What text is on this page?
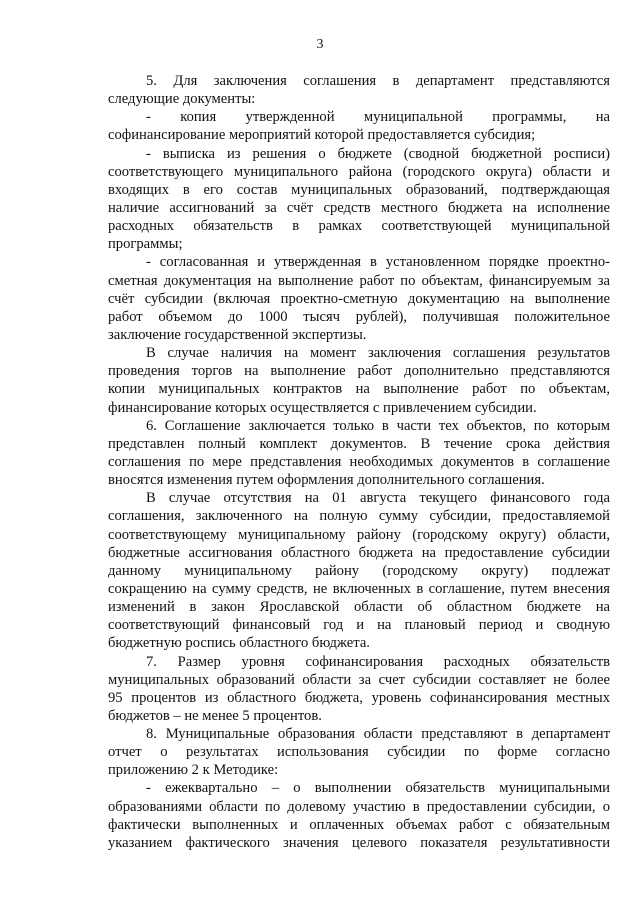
3
5. Для заключения соглашения в департамент представляются
следующие документы:
- копия утвержденной муниципальной программы, на
софинансирование мероприятий которой предоставляется субсидия;
- выписка из решения о бюджете (сводной бюджетной росписи)
соответствующего муниципального района (городского округа) области и
входящих в его состав муниципальных образований, подтверждающая
наличие ассигнований за счёт средств местного бюджета на исполнение
расходных обязательств в рамках соответствующей муниципальной
программы;
- согласованная и утвержденная в установленном порядке проектно-
сметная документация на выполнение работ по объектам, финансируемым за
счёт субсидии (включая проектно-сметную документацию на выполнение
работ объемом до 1000 тысяч рублей), получившая положительное
заключение государственной экспертизы.
В случае наличия на момент заключения соглашения результатов
проведения торгов на выполнение работ дополнительно представляются
копии муниципальных контрактов на выполнение работ по объектам,
финансирование которых осуществляется с привлечением субсидии.
6. Соглашение заключается только в части тех объектов, по которым
представлен полный комплект документов. В течение срока действия
соглашения по мере представления необходимых документов в соглашение
вносятся изменения путем оформления дополнительного соглашения.
В случае отсутствия на 01 августа текущего финансового года
соглашения, заключенного на полную сумму субсидии, предоставляемой
соответствующему муниципальному району (городскому округу) области,
бюджетные ассигнования областного бюджета на предоставление субсидии
данному муниципальному району (городскому округу) подлежат
сокращению на сумму средств, не включенных в соглашение, путем внесения
изменений в закон Ярославской области об областном бюджете на
соответствующий финансовый год и на плановый период и сводную
бюджетную роспись областного бюджета.
7. Размер уровня софинансирования расходных обязательств
муниципальных образований области за счет субсидии составляет не более
95 процентов из областного бюджета, уровень софинансирования местных
бюджетов – не менее 5 процентов.
8. Муниципальные образования области представляют в департамент
отчет о результатах использования субсидии по форме согласно
приложению 2 к Методике:
- ежеквартально – о выполнении обязательств муниципальными
образованиями области по долевому участию в предоставлении субсидии, о
фактически выполненных и оплаченных объемах работ с обязательным
указанием фактического значения целевого показателя результативности
